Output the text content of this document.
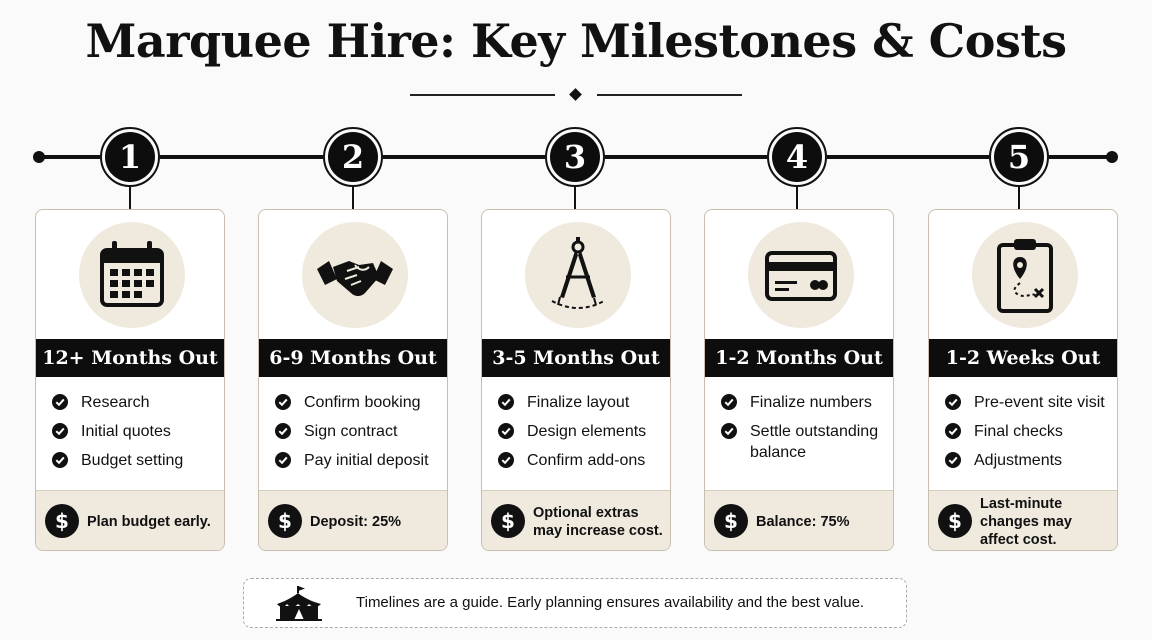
Marquee Hire: Key Milestones & Costs
1
12+ Months Out
Research
Initial quotes
Budget setting
$ Plan budget early.
2
6-9 Months Out
Confirm booking
Sign contract
Pay initial deposit
$ Deposit: 25%
3
3-5 Months Out
Finalize layout
Design elements
Confirm add-ons
$ Optional extras may increase cost.
4
1-2 Months Out
Finalize numbers
Settle outstanding balance
$ Balance: 75%
5
1-2 Weeks Out
Pre-event site visit
Final checks
Adjustments
$
Last-minute changes may affect cost.
Timelines are a guide. Early planning ensures availability and the best value.
